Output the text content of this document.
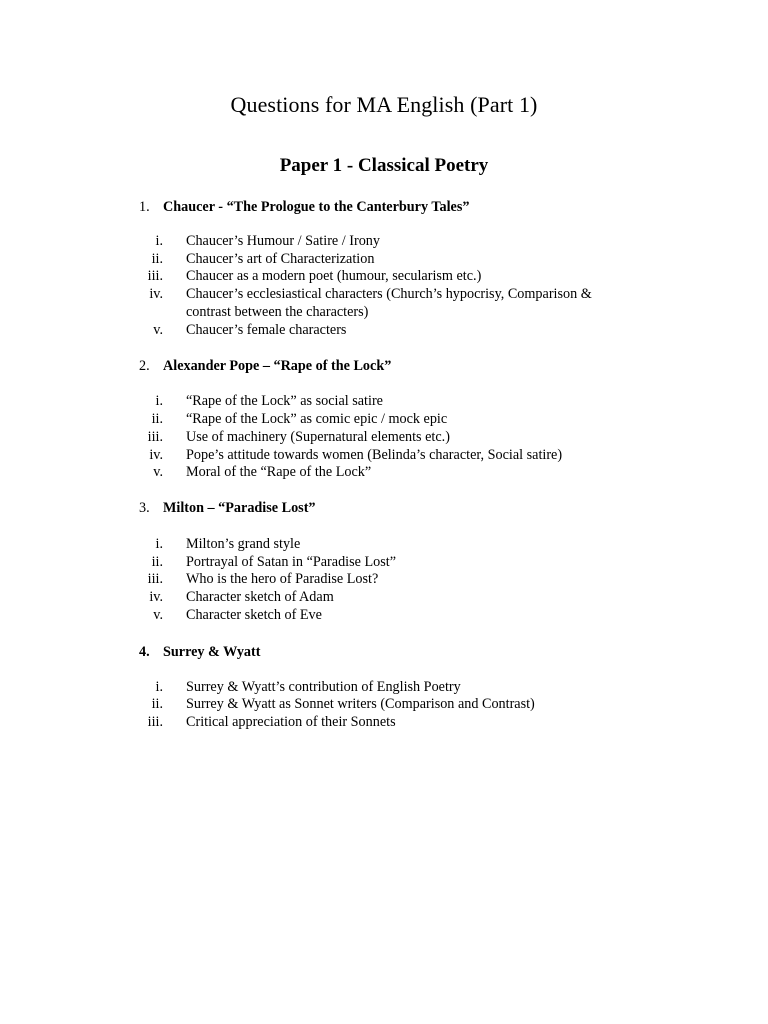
Questions for MA English (Part 1)
Paper 1 - Classical Poetry
1. Chaucer - “The Prologue to the Canterbury Tales”
i. Chaucer’s Humour / Satire / Irony
ii. Chaucer’s art of Characterization
iii. Chaucer as a modern poet (humour, secularism etc.)
iv. Chaucer’s ecclesiastical characters (Church’s hypocrisy, Comparison & contrast between the characters)
v. Chaucer’s female characters
2. Alexander Pope – “Rape of the Lock”
i. “Rape of the Lock” as social satire
ii. “Rape of the Lock” as comic epic / mock epic
iii. Use of machinery (Supernatural elements etc.)
iv. Pope’s attitude towards women (Belinda’s character, Social satire)
v. Moral of the “Rape of the Lock”
3. Milton – “Paradise Lost”
i. Milton’s grand style
ii. Portrayal of Satan in “Paradise Lost”
iii. Who is the hero of Paradise Lost?
iv. Character sketch of Adam
v. Character sketch of Eve
4. Surrey & Wyatt
i. Surrey & Wyatt’s contribution of English Poetry
ii. Surrey & Wyatt as Sonnet writers (Comparison and Contrast)
iii. Critical appreciation of their Sonnets
